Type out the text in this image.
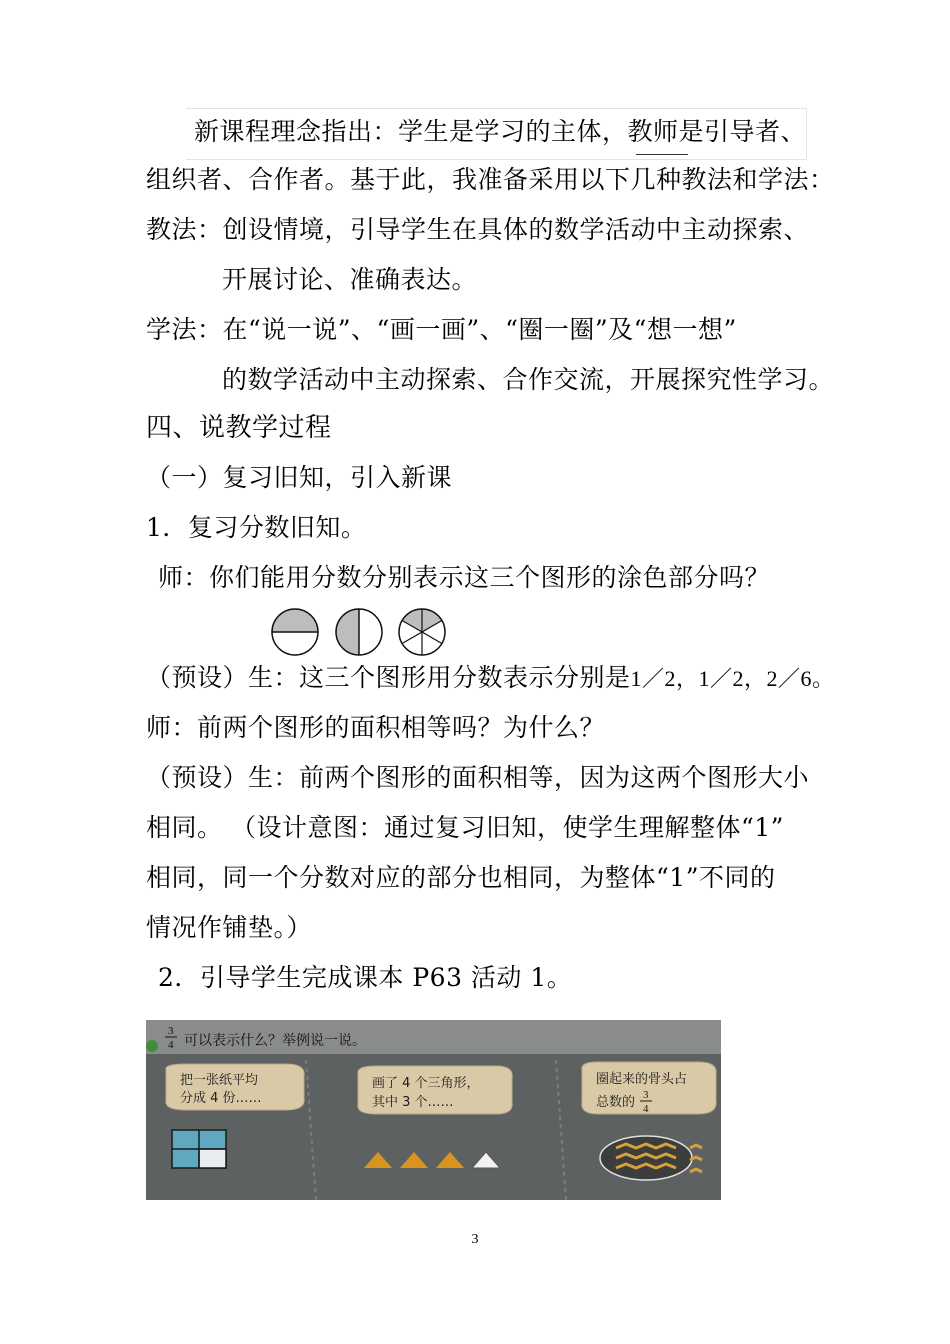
新课程理念指出：学生是学习的主体，教师是引导者、
组织者、合作者。基于此，我准备采用以下几种教法和学法：
教法：创设情境，引导学生在具体的数学活动中主动探索、
开展讨论、准确表达。
学法：在“说一说”、“画一画”、“圈一圈”及“想一想”
的数学活动中主动探索、合作交流，开展探究性学习。
四、说教学过程
（一）复习旧知，引入新课
1．复习分数旧知。
师：你们能用分数分别表示这三个图形的涂色部分吗？
（预设）生：这三个图形用分数表示分别是1／2，1／2，2／6。
师：前两个图形的面积相等吗？为什么？
（预设）生：前两个图形的面积相等，因为这两个图形大小
相同。 （设计意图：通过复习旧知，使学生理解整体“1”
相同，同一个分数对应的部分也相同，为整体“1”不同的
情况作铺垫。）
2．引导学生完成课本 P63 活动 1。
3
4 可以表示什么？举例说一说。
把一张纸平均
分成 4 份……
画了 4 个三角形，
其中 3 个……
圈起来的骨头占
总数的 3
4
3
